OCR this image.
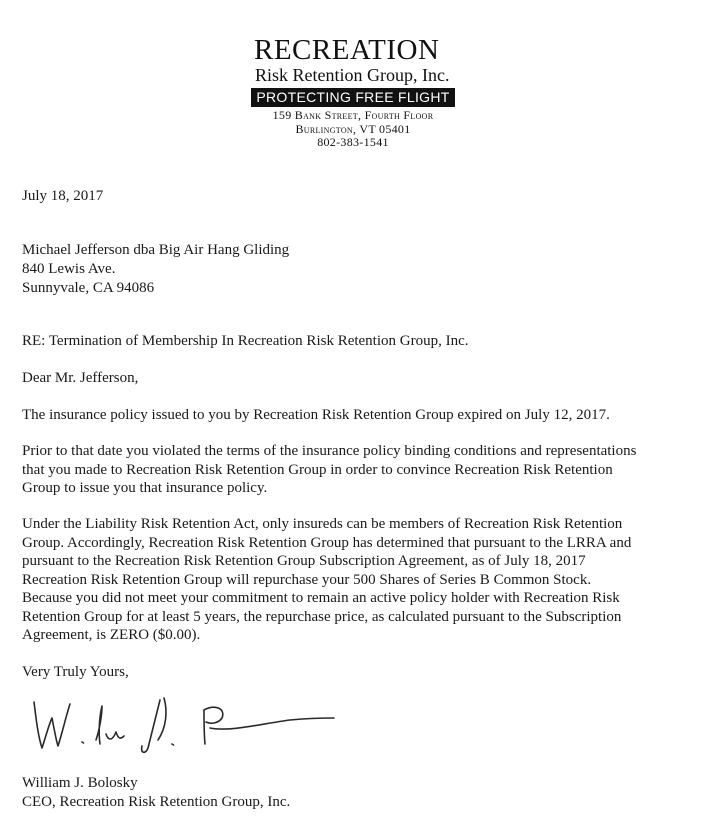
RECREATION
Risk Retention Group, Inc.
PROTECTING FREE FLIGHT
159 Bank Street, Fourth Floor
Burlington, VT 05401
802-383-1541
July 18, 2017
Michael Jefferson dba Big Air Hang Gliding
840 Lewis Ave.
Sunnyvale, CA 94086
RE: Termination of Membership In Recreation Risk Retention Group, Inc.
Dear Mr. Jefferson,
The insurance policy issued to you by Recreation Risk Retention Group expired on July 12, 2017.
Prior to that date you violated the terms of the insurance policy binding conditions and representations
that you made to Recreation Risk Retention Group in order to convince Recreation Risk Retention
Group to issue you that insurance policy.
Under the Liability Risk Retention Act, only insureds can be members of Recreation Risk Retention
Group. Accordingly, Recreation Risk Retention Group has determined that pursuant to the LRRA and
pursuant to the Recreation Risk Retention Group Subscription Agreement, as of July 18, 2017
Recreation Risk Retention Group will repurchase your 500 Shares of Series B Common Stock.
Because you did not meet your commitment to remain an active policy holder with Recreation Risk
Retention Group for at least 5 years, the repurchase price, as calculated pursuant to the Subscription
Agreement, is ZERO ($0.00).
Very Truly Yours,
William J. Bolosky
CEO, Recreation Risk Retention Group, Inc.
